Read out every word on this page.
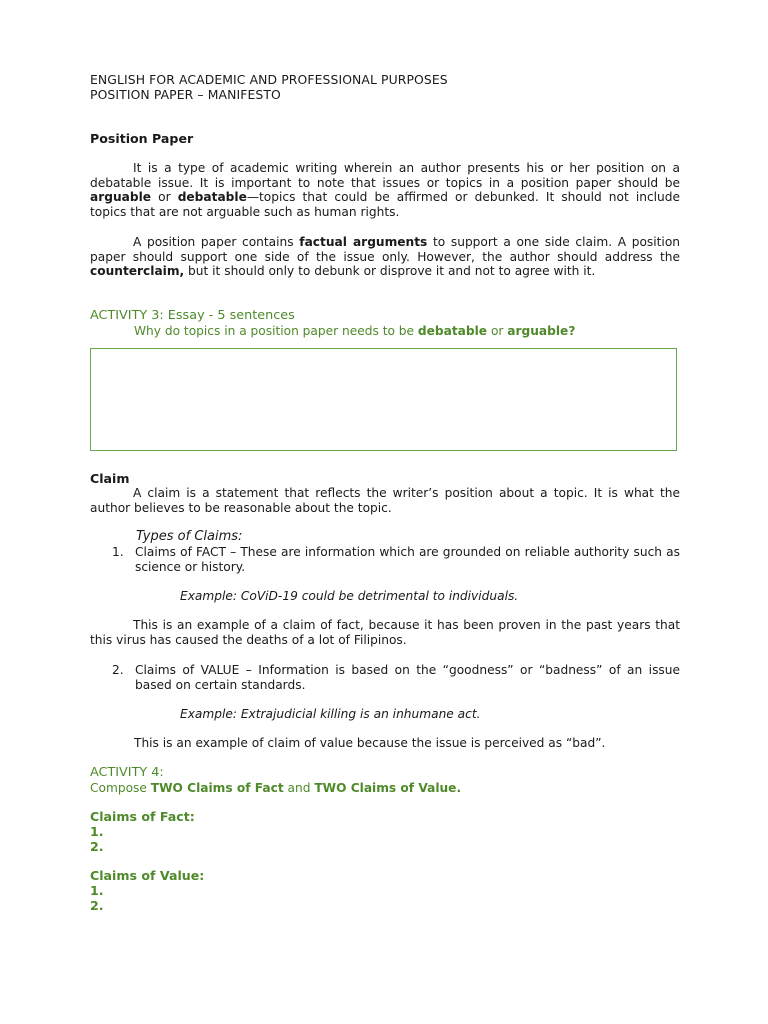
ENGLISH FOR ACADEMIC AND PROFESSIONAL PURPOSES
POSITION PAPER – MANIFESTO
Position Paper
It is a type of academic writing wherein an author presents his or her position on a debatable issue. It is important to note that issues or topics in a position paper should be arguable or debatable—topics that could be affirmed or debunked. It should not include topics that are not arguable such as human rights.
A position paper contains factual arguments to support a one side claim. A position paper should support one side of the issue only. However, the author should address the counterclaim, but it should only to debunk or disprove it and not to agree with it.
ACTIVITY 3: Essay - 5 sentences
Why do topics in a position paper needs to be debatable or arguable?
Claim
A claim is a statement that reflects the writer’s position about a topic. It is what the author believes to be reasonable about the topic.
Types of Claims:
1. Claims of FACT – These are information which are grounded on reliable authority such as science or history.
Example: CoViD-19 could be detrimental to individuals.
This is an example of a claim of fact, because it has been proven in the past years that this virus has caused the deaths of a lot of Filipinos.
2. Claims of VALUE – Information is based on the “goodness” or “badness” of an issue based on certain standards.
Example: Extrajudicial killing is an inhumane act.
This is an example of claim of value because the issue is perceived as “bad”.
ACTIVITY 4:
Compose TWO Claims of Fact and TWO Claims of Value.
Claims of Fact:
1.
2.
Claims of Value:
1.
2.
